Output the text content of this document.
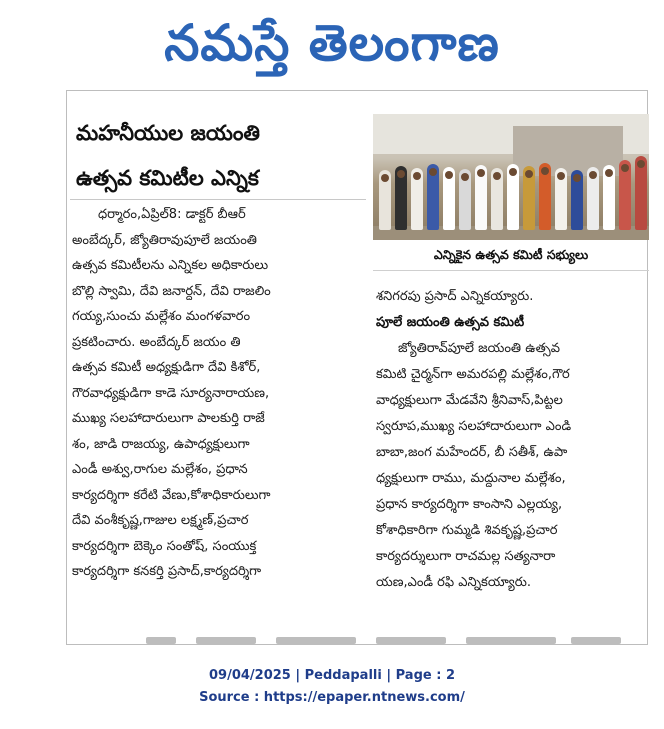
నమస్తే తెలంగాణ
మహనీయుల జయంతి
ఉత్సవ కమిటీల ఎన్నిక
ధర్మారం,ఏప్రిల్8: డాక్టర్ బీఆర్
అంబేద్కర్, జ్యోతిరావుపూలే జయంతి
ఉత్సవ కమిటీలను ఎన్నికల అధికారులు
బొల్లి స్వామి, దేవి జనార్దన్, దేవి రాజలిం
గయ్య,సుంచు మల్లేశం మంగళవారం
ప్రకటించారు. అంబేద్కర్ జయం తి
ఉత్సవ కమిటీ అధ్యక్షుడిగా దేవి కిశోర్,
గౌరవాధ్యక్షుడిగా కాడె సూర్యనారాయణ,
ముఖ్య సలహాదారులుగా పాలకుర్తి రాజే
శం, జాడి రాజయ్య, ఉపాధ్యక్షులుగా
ఎండీ అశ్వు,రాగుల మల్లేశం, ప్రధాన
కార్యదర్శిగా కరేటి వేణు,కోశాధికారులుగా
దేవి వంశీకృష్ణ,గాజుల లక్ష్మణ్,ప్రచార
కార్యదర్శిగా బెక్కెం సంతోష్, సంయుక్త
కార్యదర్శిగా కనకర్తి ప్రసాద్,కార్యదర్శిగా
ఎన్నికైన ఉత్సవ కమిటీ సభ్యులు
శనిగరపు ప్రసాద్ ఎన్నికయ్యారు.
పూలే జయంతి ఉత్సవ కమిటీ
జ్యోతిరావ్‌పూలే జయంతి ఉత్సవ
కమిటి చైర్మన్‌గా అమరపల్లి మల్లేశం,గౌర
వాధ్యక్షులుగా మేడవేని శ్రీనివాస్,పిట్టల
స్వరూప,ముఖ్య సలహాదారులుగా ఎండి
బాబా,జంగ మహేందర్, బీ సతీశ్, ఉపా
ధ్యక్షులుగా రాము, మద్దునాల మల్లేశం,
ప్రధాన కార్యదర్శిగా కాంసాని ఎల్లయ్య,
కోశాధికారిగా గుమ్మడి శివకృష్ణ,ప్రచార
కార్యదర్శులుగా రాచమల్ల సత్యనారా
యణ,ఎండీ రఫి ఎన్నికయ్యారు.
09/04/2025 | Peddapalli | Page : 2
Source : https://epaper.ntnews.com/
